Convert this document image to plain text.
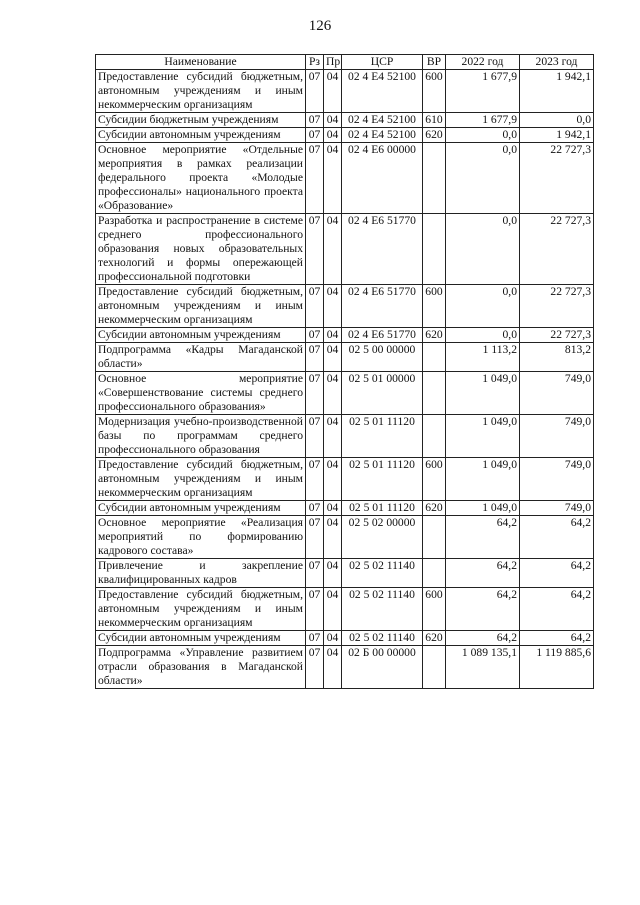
126
Наименование	Рз	Пр	ЦСР	ВР	2022 год	2023 год
Предоставление субсидий бюджетным, автономным учреждениям и иным некоммерческим организациям	07	04	02 4 E4 52100	600	1 677,9	1 942,1
Субсидии бюджетным учреждениям	07	04	02 4 E4 52100	610	1 677,9	0,0
Субсидии автономным учреждениям	07	04	02 4 E4 52100	620	0,0	1 942,1
Основное мероприятие «Отдельные мероприятия в рамках реализации федерального проекта «Молодые профессионалы» национального проекта «Образование»	07	04	02 4 E6 00000		0,0	22 727,3
Разработка и распространение в системе среднего профессионального образования новых образовательных технологий и формы опережающей профессиональной подготовки	07	04	02 4 E6 51770		0,0	22 727,3
Предоставление субсидий бюджетным, автономным учреждениям и иным некоммерческим организациям	07	04	02 4 E6 51770	600	0,0	22 727,3
Субсидии автономным учреждениям	07	04	02 4 E6 51770	620	0,0	22 727,3
Подпрограмма «Кадры Магаданской области»	07	04	02 5 00 00000		1 113,2	813,2
Основное мероприятие «Совершенствование системы среднего профессионального образования»	07	04	02 5 01 00000		1 049,0	749,0
Модернизация учебно-производственной базы по программам среднего профессионального образования	07	04	02 5 01 11120		1 049,0	749,0
Предоставление субсидий бюджетным, автономным учреждениям и иным некоммерческим организациям	07	04	02 5 01 11120	600	1 049,0	749,0
Субсидии автономным учреждениям	07	04	02 5 01 11120	620	1 049,0	749,0
Основное мероприятие «Реализация мероприятий по формированию кадрового состава»	07	04	02 5 02 00000		64,2	64,2
Привлечение и закрепление квалифицированных кадров	07	04	02 5 02 11140		64,2	64,2
Предоставление субсидий бюджетным, автономным учреждениям и иным некоммерческим организациям	07	04	02 5 02 11140	600	64,2	64,2
Субсидии автономным учреждениям	07	04	02 5 02 11140	620	64,2	64,2
Подпрограмма «Управление развитием отрасли образования в Магаданской области»	07	04	02 Б 00 00000		1 089 135,1	1 119 885,6
